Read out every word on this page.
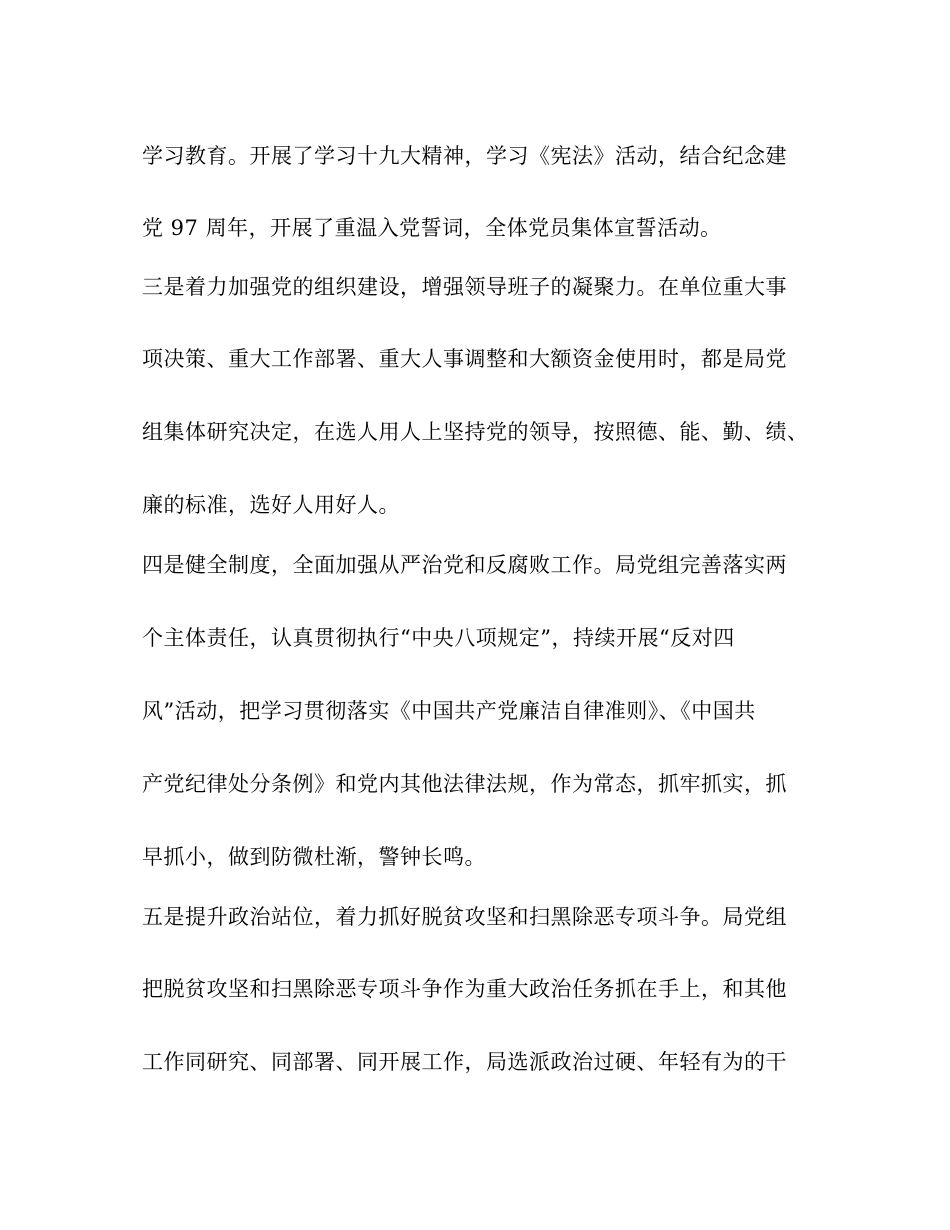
学习教育。开展了学习十九大精神，学习《宪法》活动，结合纪念建
党 97 周年，开展了重温入党誓词，全体党员集体宣誓活动。
三是着力加强党的组织建设，增强领导班子的凝聚力。在单位重大事
项决策、重大工作部署、重大人事调整和大额资金使用时，都是局党
组集体研究决定，在选人用人上坚持党的领导，按照德、能、勤、绩、
廉的标准，选好人用好人。
四是健全制度，全面加强从严治党和反腐败工作。局党组完善落实两
个主体责任，认真贯彻执行“中央八项规定”，持续开展“反对四
风”活动，把学习贯彻落实《中国共产党廉洁自律准则》、《中国共
产党纪律处分条例》和党内其他法律法规，作为常态，抓牢抓实，抓
早抓小，做到防微杜渐，警钟长鸣。
五是提升政治站位，着力抓好脱贫攻坚和扫黑除恶专项斗争。局党组
把脱贫攻坚和扫黑除恶专项斗争作为重大政治任务抓在手上，和其他
工作同研究、同部署、同开展工作，局选派政治过硬、年轻有为的干
